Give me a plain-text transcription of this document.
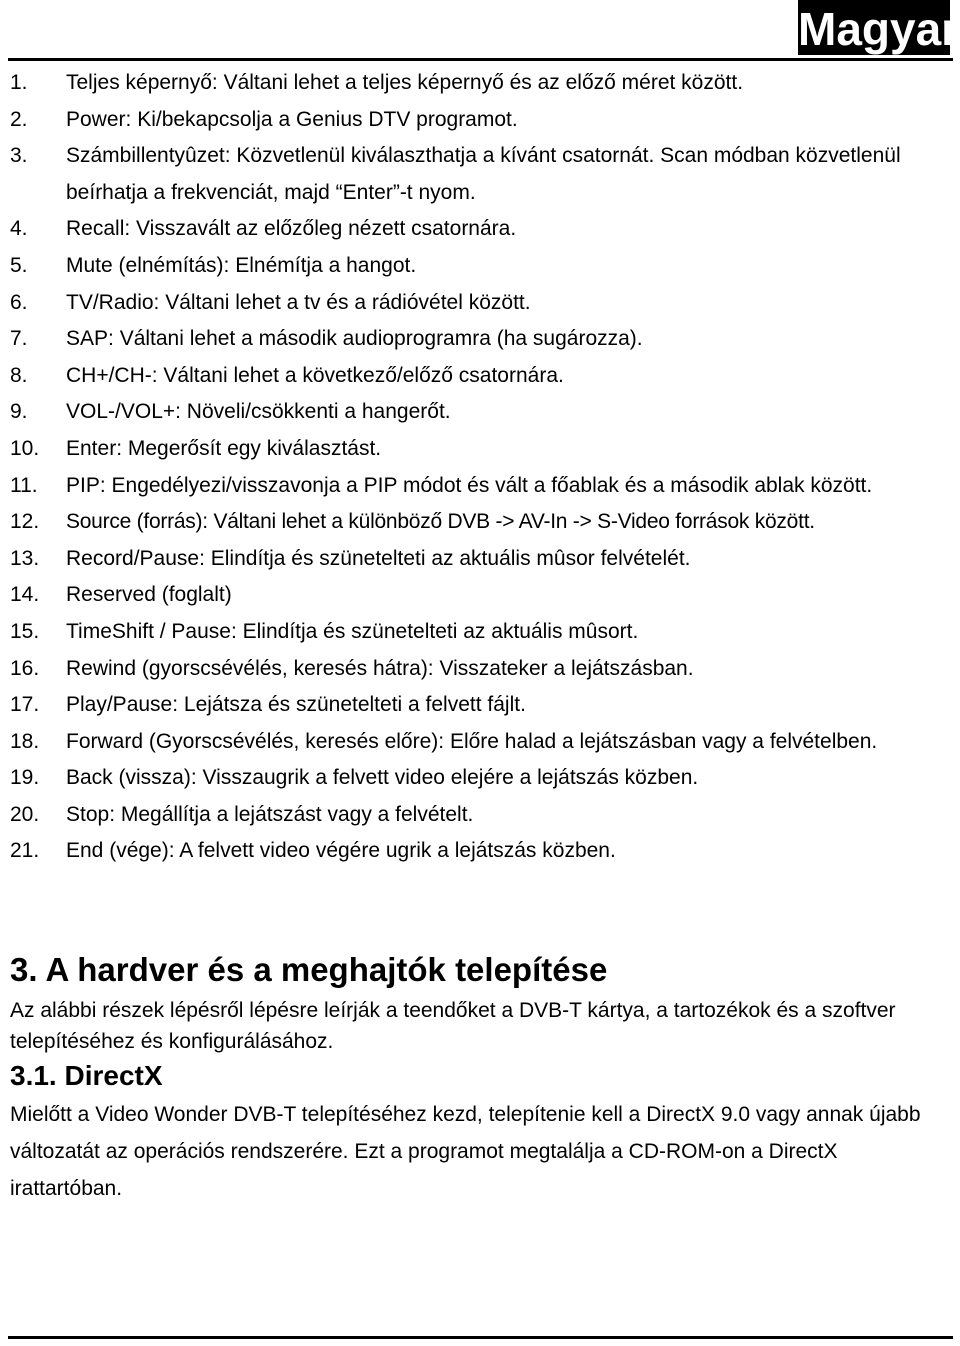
Magyar
1.	Teljes képernyő: Váltani lehet a teljes képernyő és az előző méret között.
2.	Power: Ki/bekapcsolja a Genius DTV programot.
3.	Számbillentyûzet: Közvetlenül kiválaszthatja a kívánt csatornát. Scan módban közvetlenül beírhatja a frekvenciát, majd “Enter”-t nyom.
4.	Recall: Visszavált az előzőleg nézett csatornára.
5.	Mute (elnémítás): Elnémítja a hangot.
6.	TV/Radio: Váltani lehet a tv és a rádióvétel között.
7.	SAP: Váltani lehet a második audioprogramra (ha sugározza).
8.	CH+/CH-: Váltani lehet a következő/előző csatornára.
9.	VOL-/VOL+: Növeli/csökkenti a hangerőt.
10.	Enter: Megerősít egy kiválasztást.
11.	PIP: Engedélyezi/visszavonja a PIP módot és vált a főablak és a második ablak között.
12.	Source (forrás): Váltani lehet a különböző DVB -> AV-In -> S-Video források között.
13.	Record/Pause: Elindítja és szünetelteti az aktuális mûsor felvételét.
14.	Reserved (foglalt)
15.	TimeShift / Pause: Elindítja és szünetelteti az aktuális mûsort.
16.	Rewind (gyorscsévélés, keresés hátra): Visszateker a lejátszásban.
17.	Play/Pause: Lejátsza és szünetelteti a felvett fájlt.
18.	Forward (Gyorscsévélés, keresés előre): Előre halad a lejátszásban vagy a felvételben.
19.	Back (vissza): Visszaugrik a felvett video elejére a lejátszás közben.
20.	Stop: Megállítja a lejátszást vagy a felvételt.
21.	End (vége): A felvett video végére ugrik a lejátszás közben.
3. A hardver és a meghajtók telepítése

Az alábbi részek lépésről lépésre leírják a teendőket a DVB-T kártya, a tartozékok és a szoftver telepítéséhez és konfigurálásához.

3.1. DirectX

Mielőtt a Video Wonder DVB-T telepítéséhez kezd, telepítenie kell a DirectX 9.0 vagy annak újabb változatát az operációs rendszerére. Ezt a programot megtalálja a CD-ROM-on a DirectX irattartóban.
